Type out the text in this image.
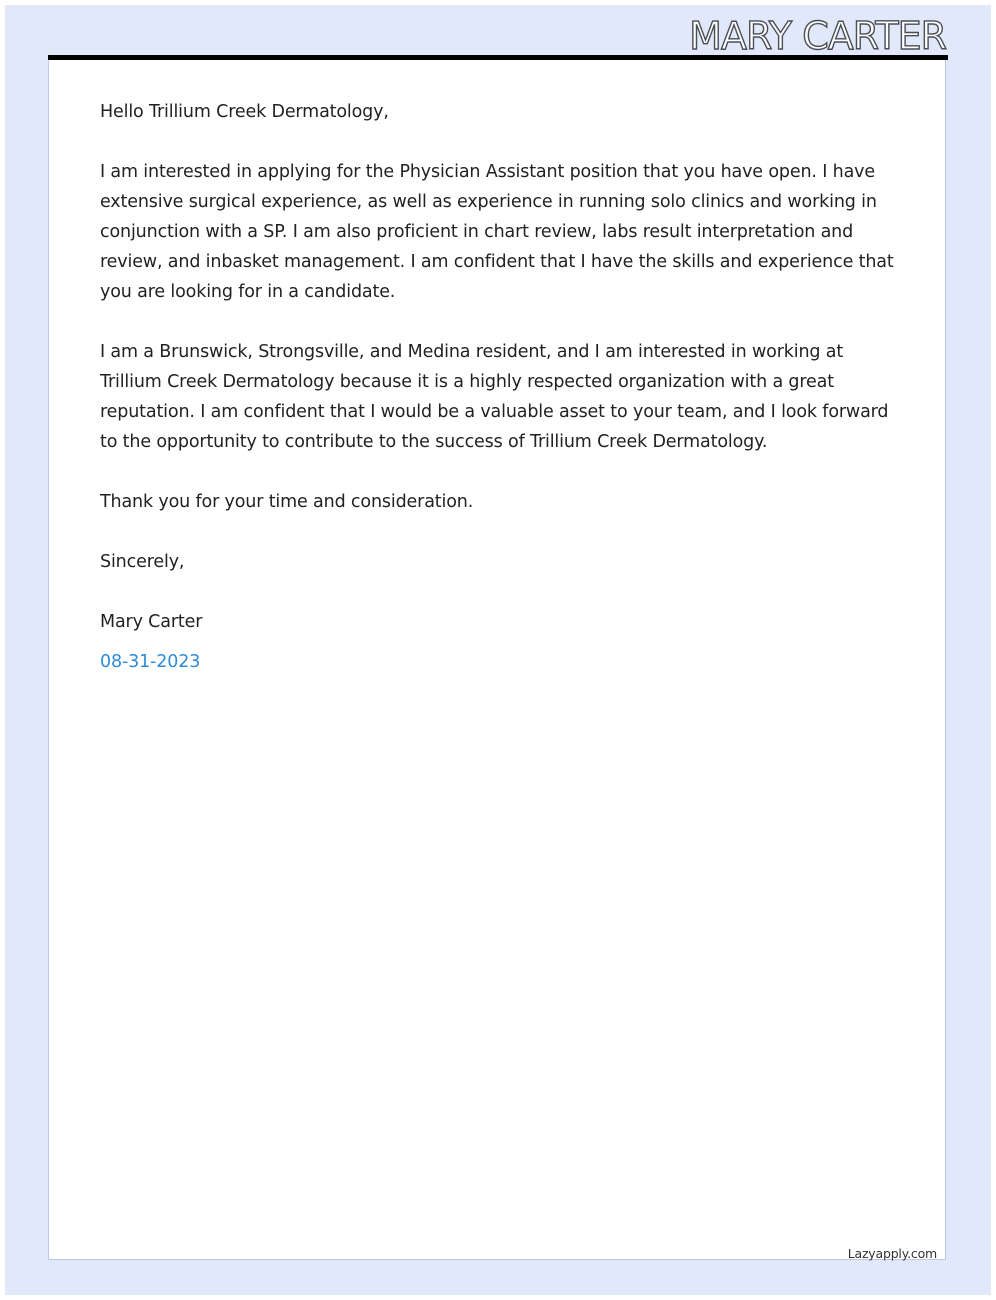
MARY CARTER

Hello Trillium Creek Dermatology,

I am interested in applying for the Physician Assistant position that you have open. I have extensive surgical experience, as well as experience in running solo clinics and working in conjunction with a SP. I am also proficient in chart review, labs result interpretation and review, and inbasket management. I am confident that I have the skills and experience that you are looking for in a candidate.

I am a Brunswick, Strongsville, and Medina resident, and I am interested in working at Trillium Creek Dermatology because it is a highly respected organization with a great reputation. I am confident that I would be a valuable asset to your team, and I look forward to the opportunity to contribute to the success of Trillium Creek Dermatology.

Thank you for your time and consideration.

Sincerely,

Mary Carter

08-31-2023

Lazyapply.com
